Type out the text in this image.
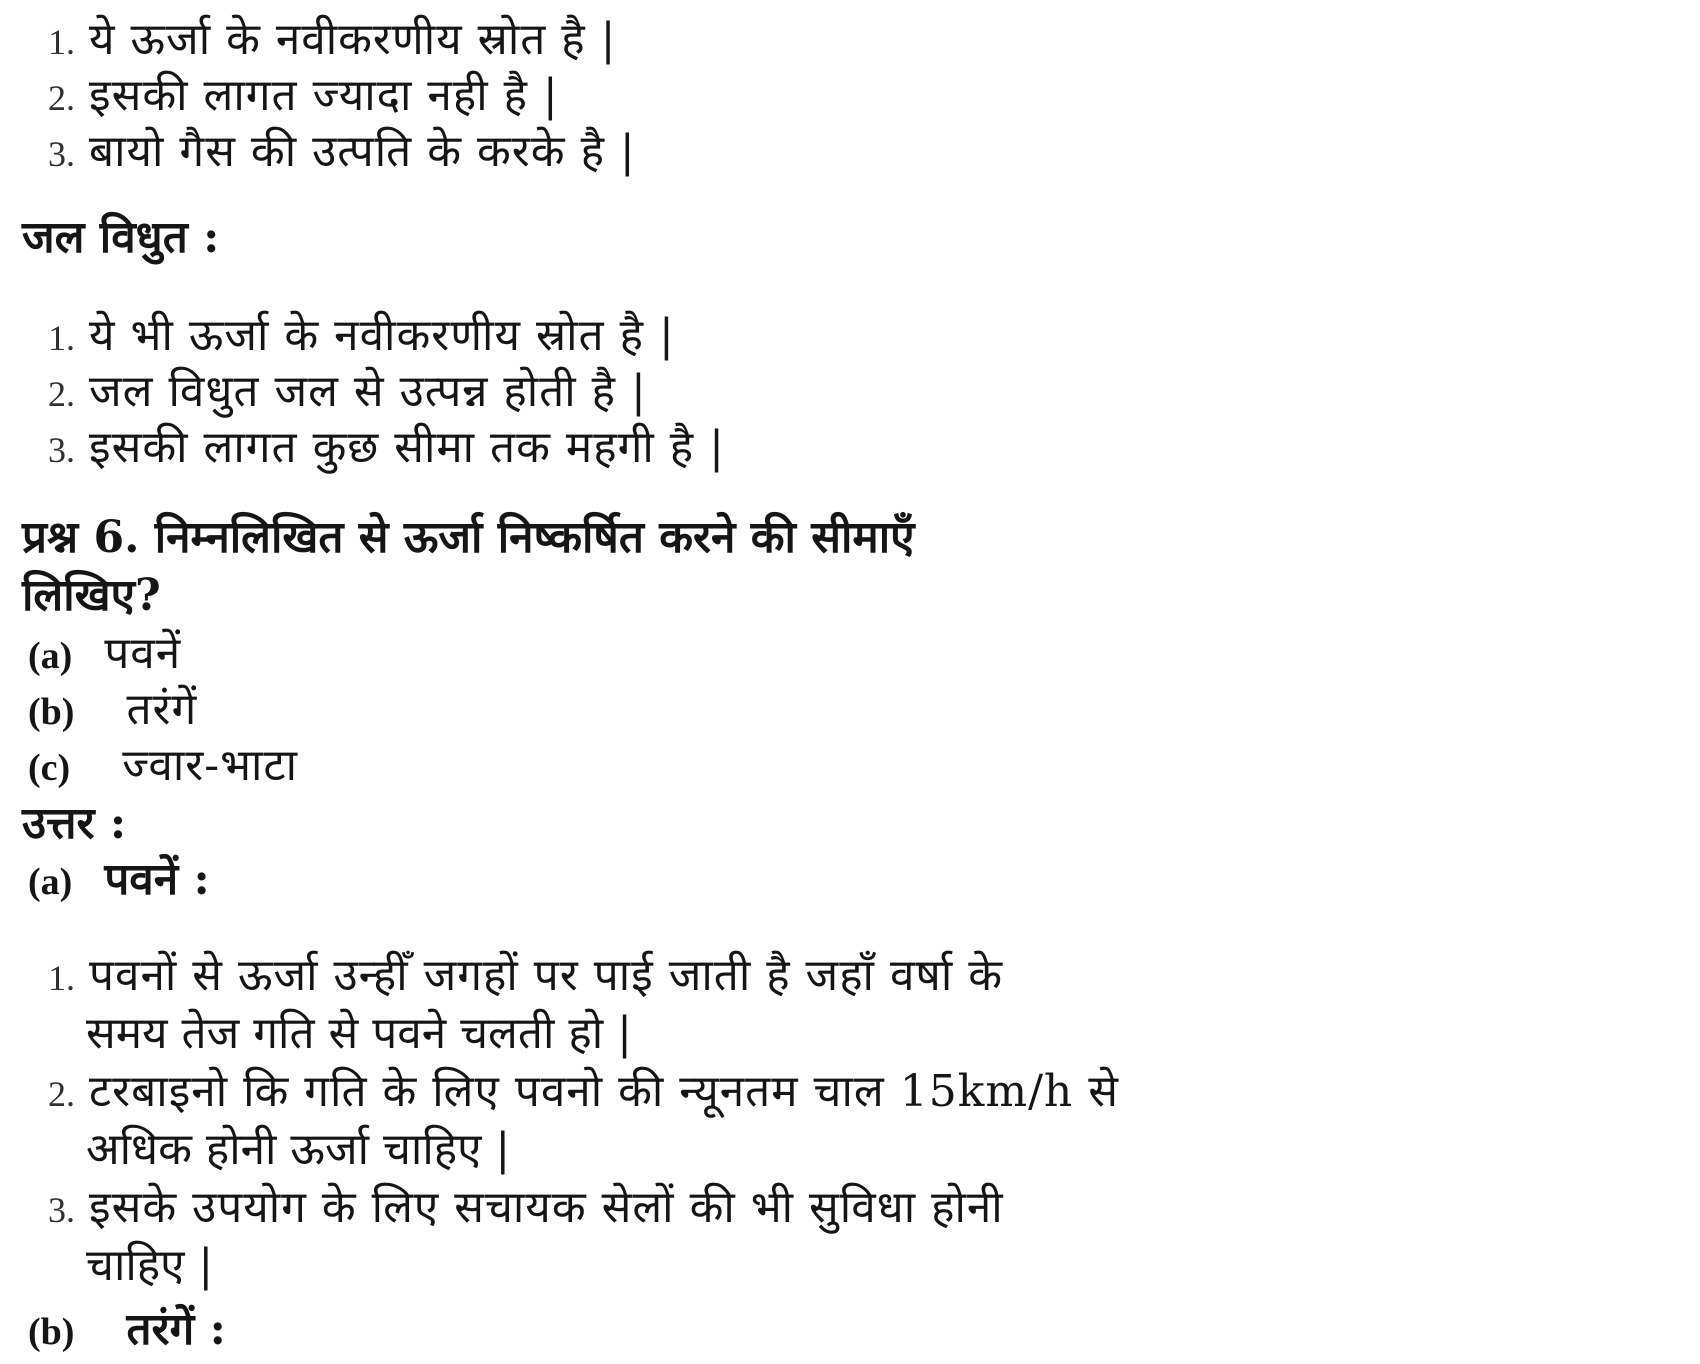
1. ये ऊर्जा के नवीकरणीय स्रोत है |
2. इसकी लागत ज्यादा नही है |
3. बायो गैस की उत्पति के करके है |
जल विधुत :
1. ये भी ऊर्जा के नवीकरणीय स्रोत है |
2. जल विधुत जल से उत्पन्न होती है |
3. इसकी लागत कुछ सीमा तक महगी है |
प्रश्न 6. निम्नलिखित से ऊर्जा निष्कर्षित करने की सीमाएँ
लिखिए?
(a) पवनें
(b) तरंगें
(c) ज्वार-भाटा
उत्तर :
(a) पवनें :
1. पवनों से ऊर्जा उन्हीँ जगहों पर पाई जाती है जहाँ वर्षा के
समय तेज गति से पवने चलती हो |
2. टरबाइनो कि गति के लिए पवनो की न्यूनतम चाल 15km/h से
अधिक होनी ऊर्जा चाहिए |
3. इसके उपयोग के लिए सचायक सेलों की भी सुविधा होनी
चाहिए |
(b) तरंगें :
